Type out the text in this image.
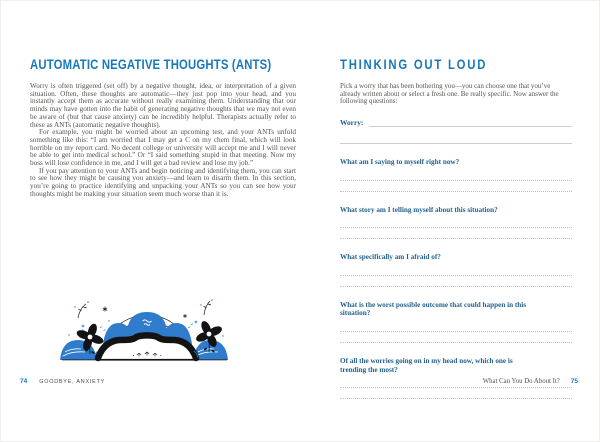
AUTOMATIC NEGATIVE THOUGHTS (ANTS)

Worry is often triggered (set off) by a negative thought, idea, or interpretation of a given situation. Often, these thoughts are automatic—they just pop into your head, and you instantly accept them as accurate without really examining them. Understanding that our minds may have gotten into the habit of generating negative thoughts that we may not even be aware of (but that cause anxiety) can be incredibly helpful. Therapists actually refer to these as ANTs (automatic negative thoughts).

For example, you might be worried about an upcoming test, and your ANTs unfold something like this: “I am worried that I may get a C on my chem final, which will look horrible on my report card. No decent college or university will accept me and I will never be able to get into medical school.” Or “I said something stupid in that meeting. Now my boss will lose confidence in me, and I will get a bad review and lose my job.”

If you pay attention to your ANTs and begin noticing and identifying them, you can start to see how they might be causing you anxiety—and learn to disarm them. In this section, you’re going to practice identifying and unpacking your ANTs so you can see how your thoughts might be making your situation seem much worse than it is.

74 GOODBYE, ANXIETY
THINKING OUT LOUD

Pick a worry that has been bothering you—you can choose one that you’ve already written about or select a fresh one. Be really specific. Now answer the following questions:

Worry:
What am I saying to myself right now?
What story am I telling myself about this situation?
What specifically am I afraid of?
What is the worst possible outcome that could happen in this situation?
Of all the worries going on in my head now, which one is trending the most?
What Can You Do About It? 75
